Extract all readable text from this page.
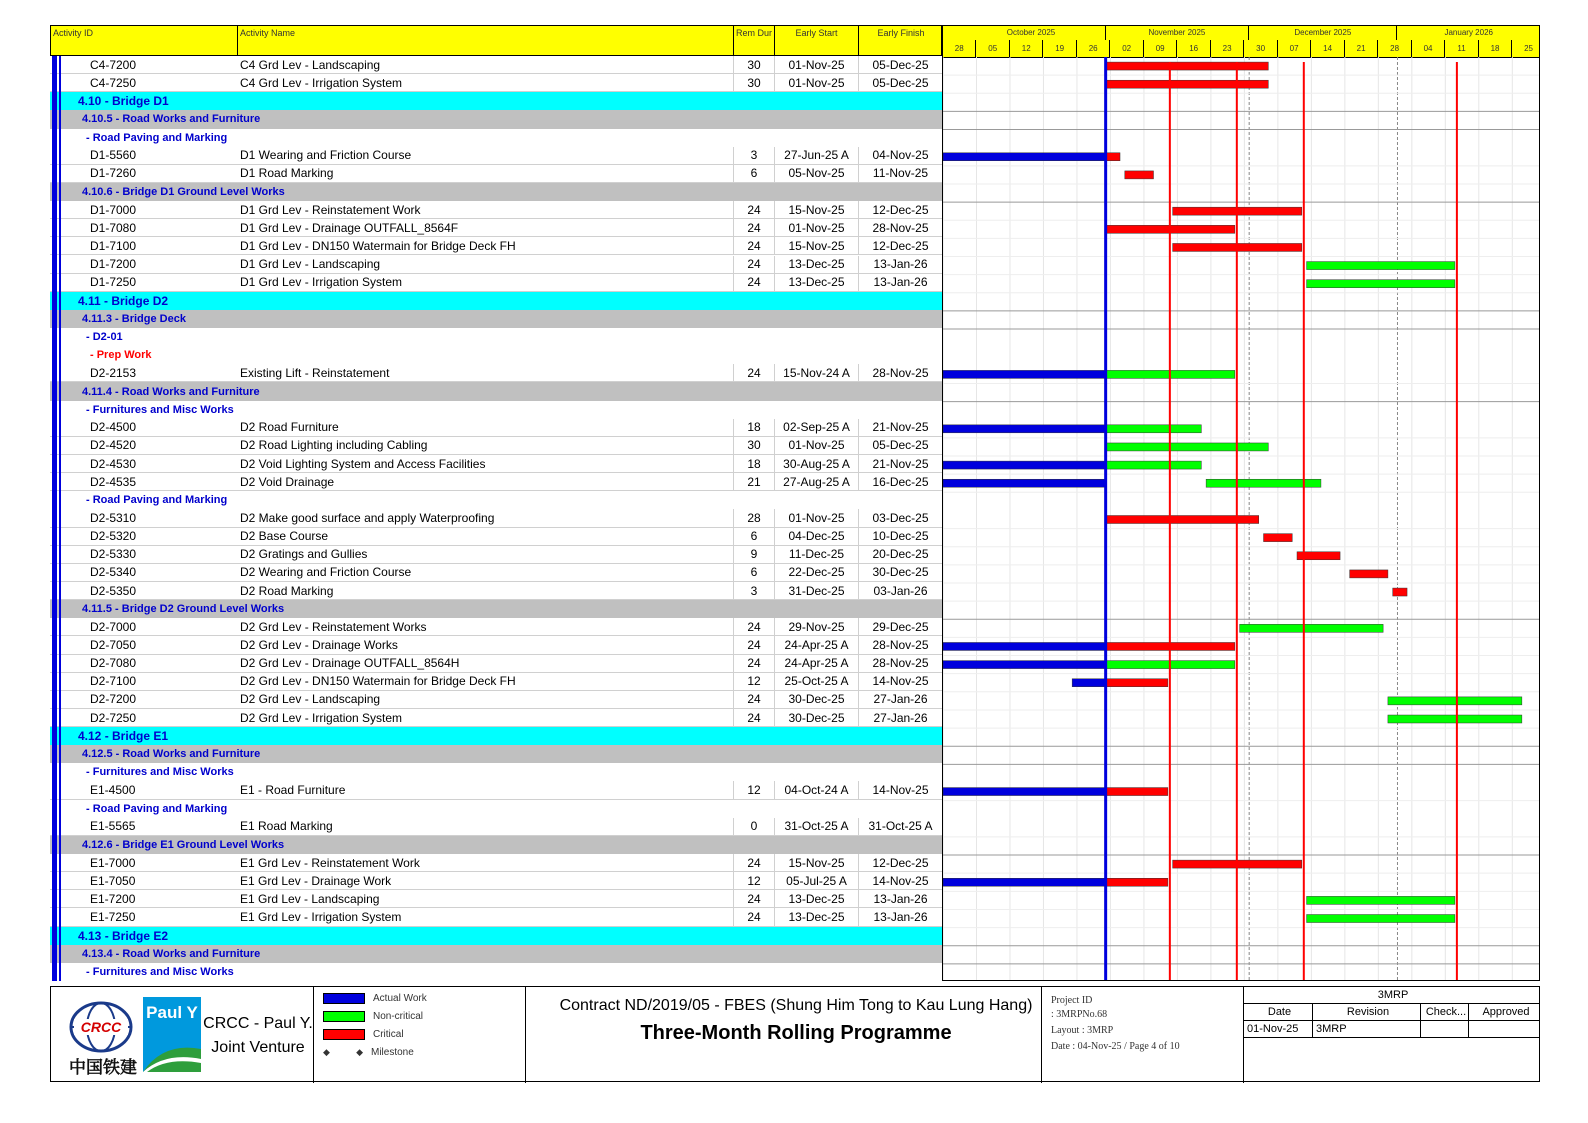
Activity ID	Activity Name	Rem Dur	Early Start	Early Finish
C4-7200	C4 Grd Lev - Landscaping	30	01-Nov-25	05-Dec-25
C4-7250	C4 Grd Lev - Irrigation System	30	01-Nov-25	05-Dec-25
4.10 - Bridge D1
4.10.5 - Road Works and Furniture
- Road Paving and Marking
D1-5560	D1 Wearing and Friction Course	3	27-Jun-25 A	04-Nov-25
D1-7260	D1 Road Marking	6	05-Nov-25	11-Nov-25
4.10.6 - Bridge D1 Ground Level Works
D1-7000	D1 Grd Lev - Reinstatement Work	24	15-Nov-25	12-Dec-25
D1-7080	D1 Grd Lev - Drainage OUTFALL_8564F	24	01-Nov-25	28-Nov-25
D1-7100	D1 Grd Lev - DN150 Watermain for Bridge Deck FH	24	15-Nov-25	12-Dec-25
D1-7200	D1 Grd Lev - Landscaping	24	13-Dec-25	13-Jan-26
D1-7250	D1 Grd Lev - Irrigation System	24	13-Dec-25	13-Jan-26
4.11 - Bridge D2
4.11.3 - Bridge Deck
- D2-01
- Prep Work
D2-2153	Existing Lift - Reinstatement	24	15-Nov-24 A	28-Nov-25
4.11.4 - Road Works and Furniture
- Furnitures and Misc Works
D2-4500	D2 Road Furniture	18	02-Sep-25 A	21-Nov-25
D2-4520	D2 Road Lighting including Cabling	30	01-Nov-25	05-Dec-25
D2-4530	D2 Void Lighting System and Access Facilities	18	30-Aug-25 A	21-Nov-25
D2-4535	D2 Void Drainage	21	27-Aug-25 A	16-Dec-25
- Road Paving and Marking
D2-5310	D2 Make good surface and apply Waterproofing	28	01-Nov-25	03-Dec-25
D2-5320	D2 Base Course	6	04-Dec-25	10-Dec-25
D2-5330	D2 Gratings and Gullies	9	11-Dec-25	20-Dec-25
D2-5340	D2 Wearing and Friction Course	6	22-Dec-25	30-Dec-25
D2-5350	D2 Road Marking	3	31-Dec-25	03-Jan-26
4.11.5 - Bridge D2 Ground Level Works
D2-7000	D2 Grd Lev - Reinstatement Works	24	29-Nov-25	29-Dec-25
D2-7050	D2 Grd Lev - Drainage Works	24	24-Apr-25 A	28-Nov-25
D2-7080	D2 Grd Lev - Drainage OUTFALL_8564H	24	24-Apr-25 A	28-Nov-25
D2-7100	D2 Grd Lev - DN150 Watermain for Bridge Deck FH	12	25-Oct-25 A	14-Nov-25
D2-7200	D2 Grd Lev - Landscaping	24	30-Dec-25	27-Jan-26
D2-7250	D2 Grd Lev - Irrigation System	24	30-Dec-25	27-Jan-26
4.12 - Bridge E1
4.12.5 - Road Works and Furniture
- Furnitures and Misc Works
E1-4500	E1 - Road Furniture	12	04-Oct-24 A	14-Nov-25
- Road Paving and Marking
E1-5565	E1 Road Marking	0	31-Oct-25 A	31-Oct-25 A
4.12.6 - Bridge E1 Ground Level Works
E1-7000	E1 Grd Lev - Reinstatement Work	24	15-Nov-25	12-Dec-25
E1-7050	E1 Grd Lev - Drainage Work	12	05-Jul-25 A	14-Nov-25
E1-7200	E1 Grd Lev - Landscaping	24	13-Dec-25	13-Jan-26
E1-7250	E1 Grd Lev - Irrigation System	24	13-Dec-25	13-Jan-26
4.13 - Bridge E2
4.13.4 - Road Works and Furniture
- Furnitures and Misc Works
October 2025	November 2025	December 2025	January 2026
28	05	12	19	26	02	09	16	23	30	07	14	21	28	04	11	18	25
CRCC
中国铁建
Paul Y
CRCC - Paul Y.
Joint Venture
Actual Work
Non-critical
Critical
◆	◆ Milestone
Contract ND/2019/05 - FBES (Shung Him Tong to Kau Lung Hang)
Three-Month Rolling Programme
Project ID
: 3MRPNo.68
Layout : 3MRP
Date : 04-Nov-25 / Page 4 of 10
3MRP
Date	Revision	Check...	Approved
01-Nov-25	3MRP
